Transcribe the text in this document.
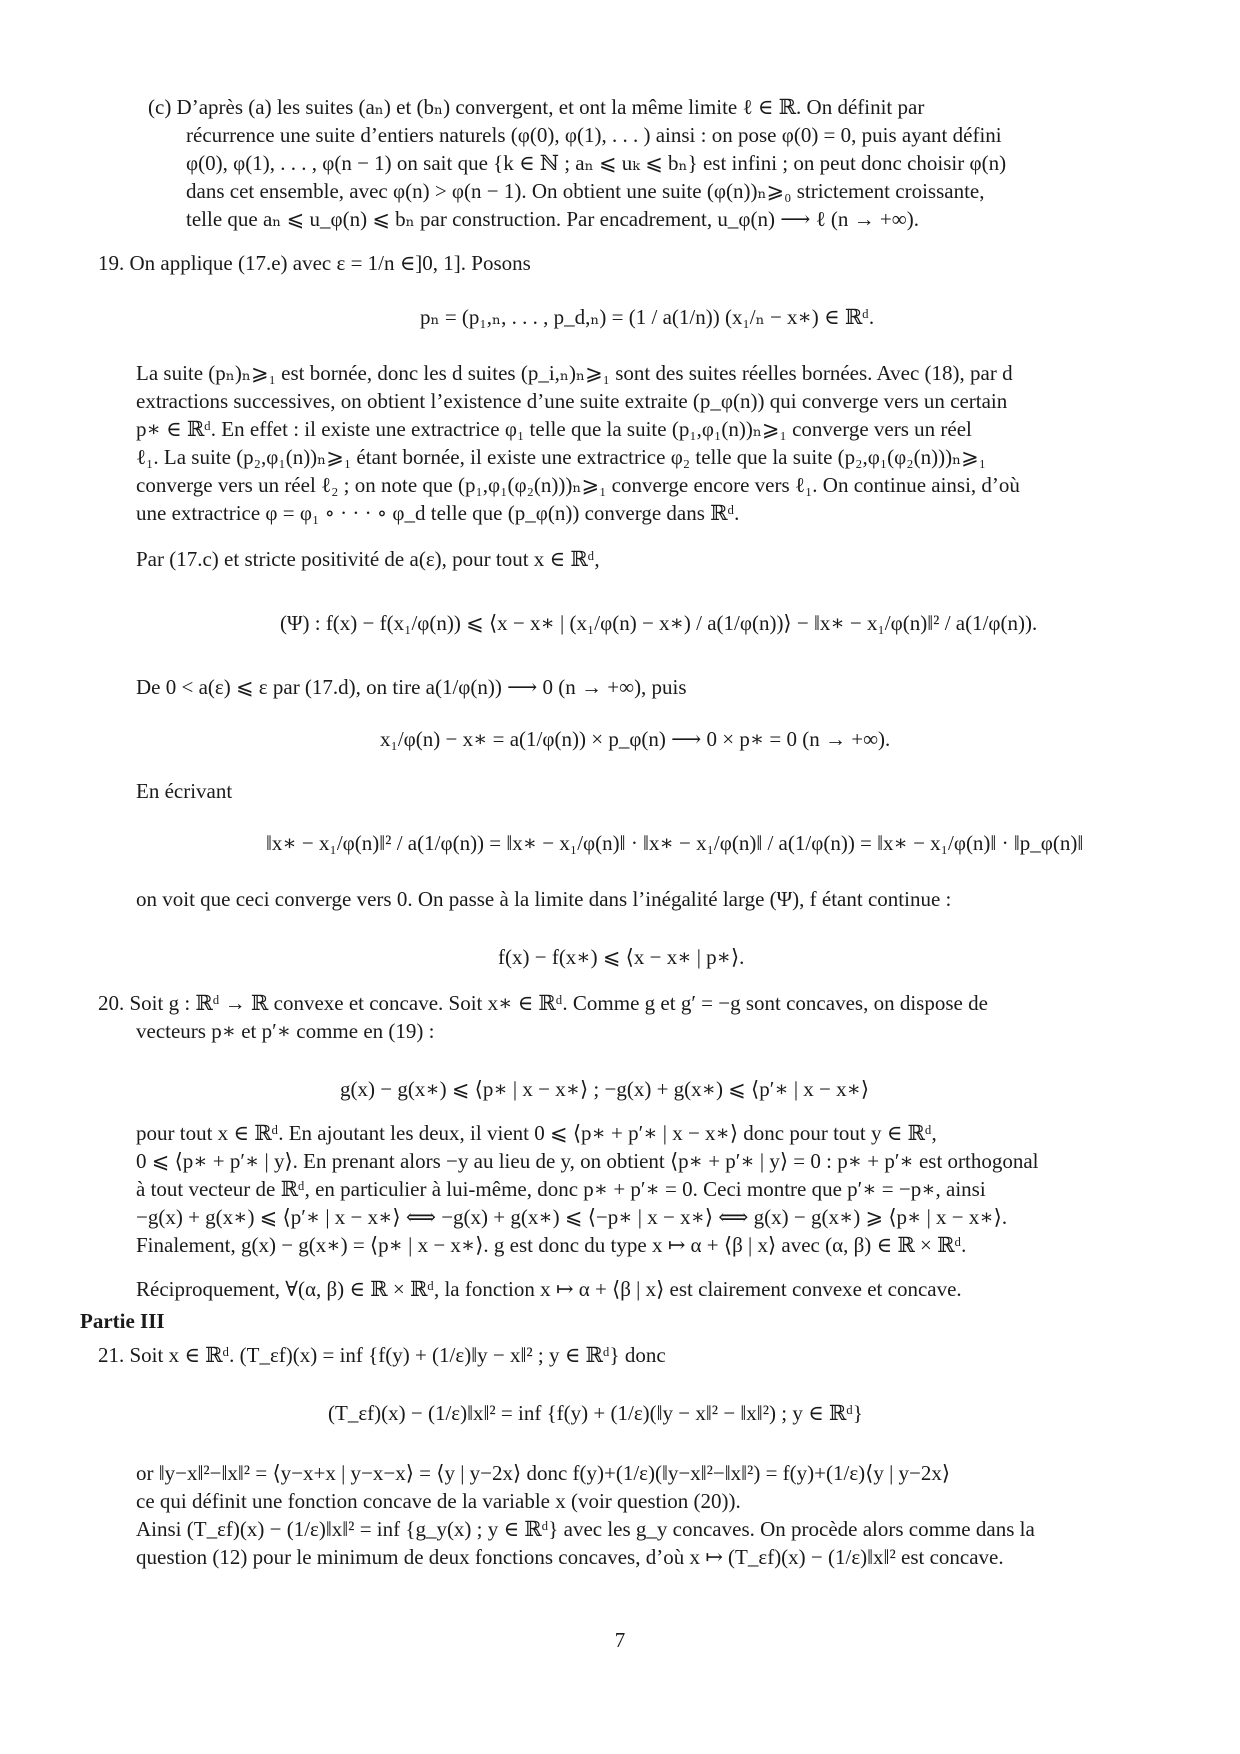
(c) D’après (a) les suites (aₙ) et (bₙ) convergent, et ont la même limite ℓ ∈ ℝ. On définit par
récurrence une suite d’entiers naturels (φ(0), φ(1), . . . ) ainsi : on pose φ(0) = 0, puis ayant défini
φ(0), φ(1), . . . , φ(n − 1) on sait que {k ∈ ℕ ; aₙ ⩽ uₖ ⩽ bₙ} est infini ; on peut donc choisir φ(n)
dans cet ensemble, avec φ(n) > φ(n − 1). On obtient une suite (φ(n))ₙ⩾₀ strictement croissante,
telle que aₙ ⩽ u_φ(n) ⩽ bₙ par construction. Par encadrement, u_φ(n) ⟶ ℓ (n → +∞).
19. On applique (17.e) avec ε = 1/n ∈]0, 1]. Posons
pₙ = (p₁,ₙ, . . . , p_d,ₙ) = (1 / a(1/n)) (x₁/ₙ − x∗) ∈ ℝᵈ.
La suite (pₙ)ₙ⩾₁ est bornée, donc les d suites (p_i,ₙ)ₙ⩾₁ sont des suites réelles bornées. Avec (18), par d
extractions successives, on obtient l’existence d’une suite extraite (p_φ(n)) qui converge vers un certain
p∗ ∈ ℝᵈ. En effet : il existe une extractrice φ₁ telle que la suite (p₁,φ₁(n))ₙ⩾₁ converge vers un réel
ℓ₁. La suite (p₂,φ₁(n))ₙ⩾₁ étant bornée, il existe une extractrice φ₂ telle que la suite (p₂,φ₁(φ₂(n)))ₙ⩾₁
converge vers un réel ℓ₂ ; on note que (p₁,φ₁(φ₂(n)))ₙ⩾₁ converge encore vers ℓ₁. On continue ainsi, d’où
une extractrice φ = φ₁ ∘ · · · ∘ φ_d telle que (p_φ(n)) converge dans ℝᵈ.
Par (17.c) et stricte positivité de a(ε), pour tout x ∈ ℝᵈ,
(Ψ) : f(x) − f(x₁/φ(n)) ⩽ ⟨x − x∗ | (x₁/φ(n) − x∗) / a(1/φ(n))⟩ − ‖x∗ − x₁/φ(n)‖² / a(1/φ(n)).
De 0 < a(ε) ⩽ ε par (17.d), on tire a(1/φ(n)) ⟶ 0 (n → +∞), puis
x₁/φ(n) − x∗ = a(1/φ(n)) × p_φ(n) ⟶ 0 × p∗ = 0 (n → +∞).
En écrivant
‖x∗ − x₁/φ(n)‖² / a(1/φ(n)) = ‖x∗ − x₁/φ(n)‖ · ‖x∗ − x₁/φ(n)‖ / a(1/φ(n)) = ‖x∗ − x₁/φ(n)‖ · ‖p_φ(n)‖
on voit que ceci converge vers 0. On passe à la limite dans l’inégalité large (Ψ), f étant continue :
f(x) − f(x∗) ⩽ ⟨x − x∗ | p∗⟩.
20. Soit g : ℝᵈ → ℝ convexe et concave. Soit x∗ ∈ ℝᵈ. Comme g et g′ = −g sont concaves, on dispose de
vecteurs p∗ et p′∗ comme en (19) :
g(x) − g(x∗) ⩽ ⟨p∗ | x − x∗⟩ ; −g(x) + g(x∗) ⩽ ⟨p′∗ | x − x∗⟩
pour tout x ∈ ℝᵈ. En ajoutant les deux, il vient 0 ⩽ ⟨p∗ + p′∗ | x − x∗⟩ donc pour tout y ∈ ℝᵈ,
0 ⩽ ⟨p∗ + p′∗ | y⟩. En prenant alors −y au lieu de y, on obtient ⟨p∗ + p′∗ | y⟩ = 0 : p∗ + p′∗ est orthogonal
à tout vecteur de ℝᵈ, en particulier à lui-même, donc p∗ + p′∗ = 0. Ceci montre que p′∗ = −p∗, ainsi
−g(x) + g(x∗) ⩽ ⟨p′∗ | x − x∗⟩ ⟺ −g(x) + g(x∗) ⩽ ⟨−p∗ | x − x∗⟩ ⟺ g(x) − g(x∗) ⩾ ⟨p∗ | x − x∗⟩.
Finalement, g(x) − g(x∗) = ⟨p∗ | x − x∗⟩. g est donc du type x ↦ α + ⟨β | x⟩ avec (α, β) ∈ ℝ × ℝᵈ.
Réciproquement, ∀(α, β) ∈ ℝ × ℝᵈ, la fonction x ↦ α + ⟨β | x⟩ est clairement convexe et concave.
Partie III
21. Soit x ∈ ℝᵈ. (T_εf)(x) = inf {f(y) + (1/ε)‖y − x‖² ; y ∈ ℝᵈ} donc
(T_εf)(x) − (1/ε)‖x‖² = inf {f(y) + (1/ε)(‖y − x‖² − ‖x‖²) ; y ∈ ℝᵈ}
or ‖y−x‖²−‖x‖² = ⟨y−x+x | y−x−x⟩ = ⟨y | y−2x⟩ donc f(y)+(1/ε)(‖y−x‖²−‖x‖²) = f(y)+(1/ε)⟨y | y−2x⟩
ce qui définit une fonction concave de la variable x (voir question (20)).
Ainsi (T_εf)(x) − (1/ε)‖x‖² = inf {g_y(x) ; y ∈ ℝᵈ} avec les g_y concaves. On procède alors comme dans la
question (12) pour le minimum de deux fonctions concaves, d’où x ↦ (T_εf)(x) − (1/ε)‖x‖² est concave.
7
